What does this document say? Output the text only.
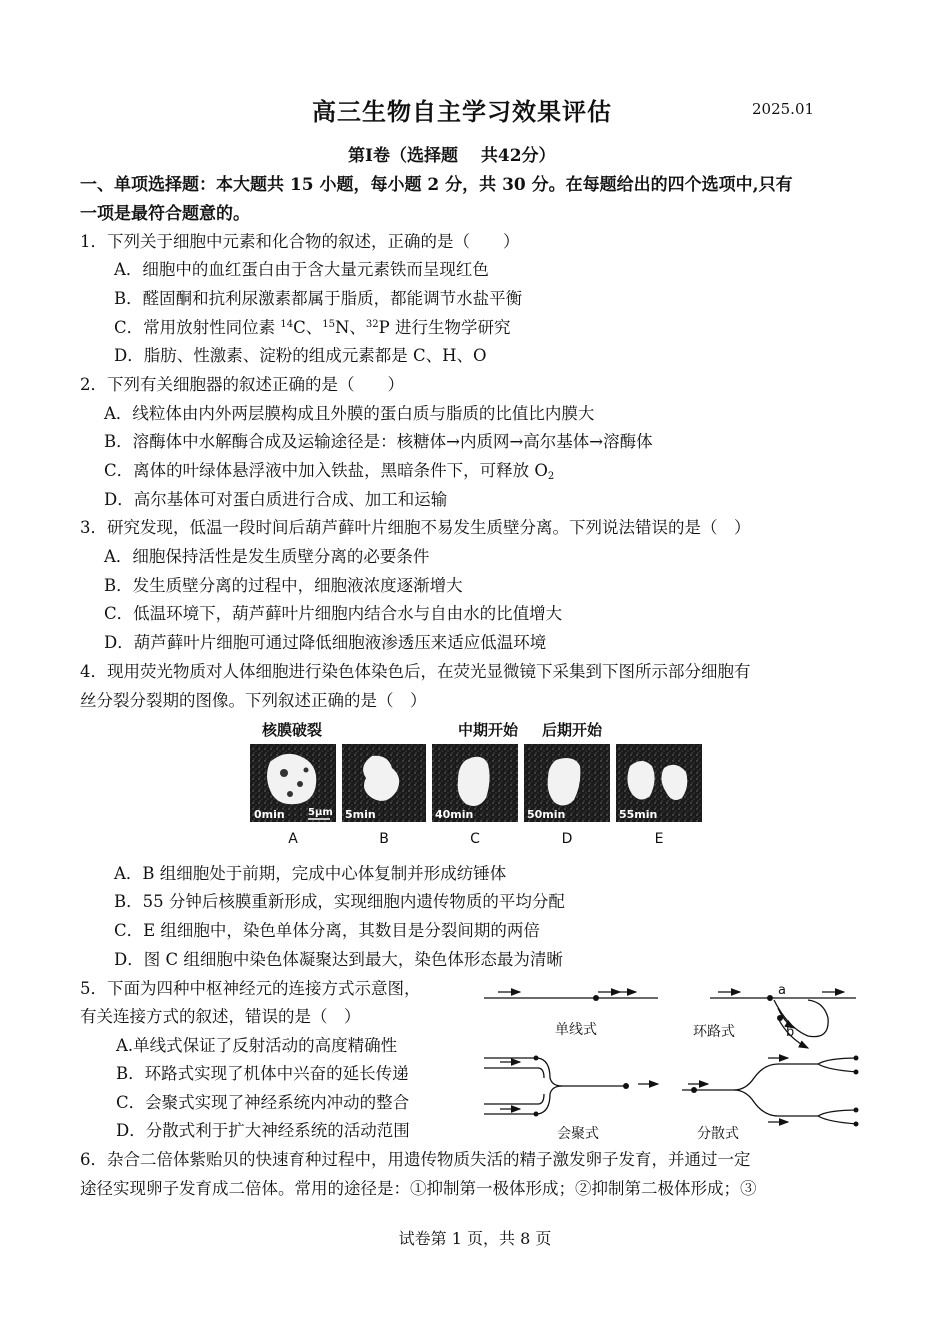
高三生物自主学习效果评估	2025.01
第Ⅰ卷（选择题　 共42分）
一、单项选择题：本大题共 15 小题，每小题 2 分，共 30 分。在每题给出的四个选项中,只有
一项是最符合题意的。
1．下列关于细胞中元素和化合物的叙述，正确的是（　　）
A．细胞中的血红蛋白由于含大量元素铁而呈现红色
B．醛固酮和抗利尿激素都属于脂质，都能调节水盐平衡
C．常用放射性同位素 $^{14}$C、$^{15}$N、$^{32}$P 进行生物学研究
D．脂肪、性激素、淀粉的组成元素都是 C、H、O
2．下列有关细胞器的叙述正确的是（　　）
A．线粒体由内外两层膜构成且外膜的蛋白质与脂质的比值比内膜大
B．溶酶体中水解酶合成及运输途径是：核糖体→内质网→高尔基体→溶酶体
C．离体的叶绿体悬浮液中加入铁盐，黑暗条件下，可释放 $O_2$
D．高尔基体可对蛋白质进行合成、加工和运输
3．研究发现，低温一段时间后葫芦藓叶片细胞不易发生质壁分离。下列说法错误的是（　）
A．细胞保持活性是发生质壁分离的必要条件
B．发生质壁分离的过程中，细胞液浓度逐渐增大
C．低温环境下，葫芦藓叶片细胞内结合水与自由水的比值增大
D．葫芦藓叶片细胞可通过降低细胞液渗透压来适应低温环境
4．现用荧光物质对人体细胞进行染色体染色后，在荧光显微镜下采集到下图所示部分细胞有
丝分裂分裂期的图像。下列叙述正确的是（　）
核膜破裂	中期开始 后期开始
0min 5μm 5min	40min	50min	55min
A	B	C	D	E
A．B 组细胞处于前期，完成中心体复制并形成纺锤体
B．55 分钟后核膜重新形成，实现细胞内遗传物质的平均分配
C．E 组细胞中，染色单体分离，其数目是分裂间期的两倍
D．图 C 组细胞中染色体凝聚达到最大，染色体形态最为清晰
5．下面为四种中枢神经元的连接方式示意图，
有关连接方式的叙述，错误的是（　）
A.单线式保证了反射活动的高度精确性
B．环路式实现了机体中兴奋的延长传递
C．会聚式实现了神经系统内冲动的整合
D．分散式利于扩大神经系统的活动范围
a
b
单线式	环路式
会聚式	分散式
6．杂合二倍体紫贻贝的快速育种过程中，用遗传物质失活的精子激发卵子发育，并通过一定
途径实现卵子发育成二倍体。常用的途径是：①抑制第一极体形成；②抑制第二极体形成；③
试卷第 1 页，共 8 页
